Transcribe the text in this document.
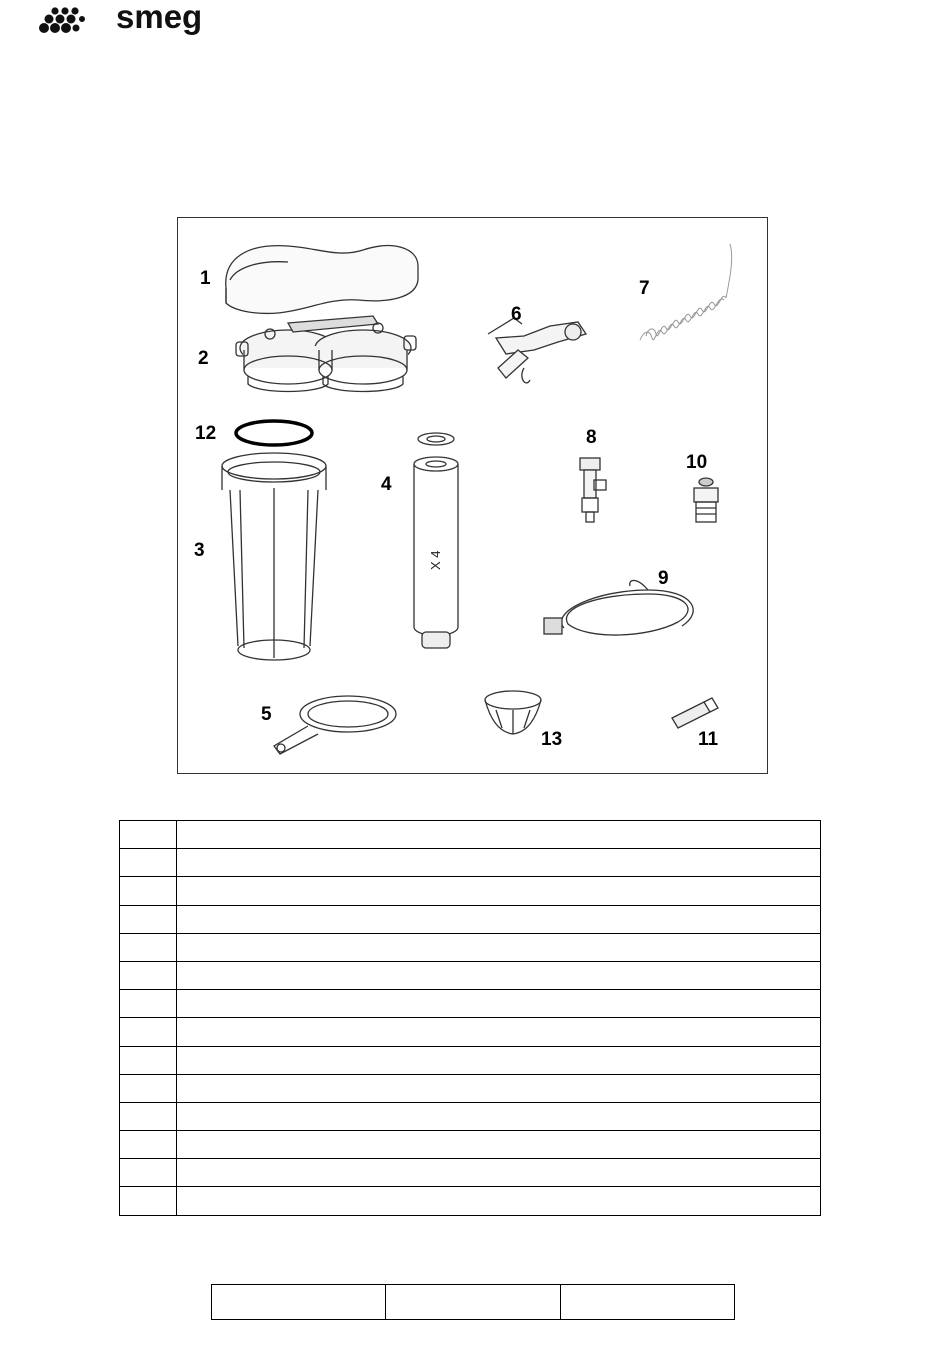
smeg
X 4
1
2
3
4
5
6
7
8
9
10
11
12
13
